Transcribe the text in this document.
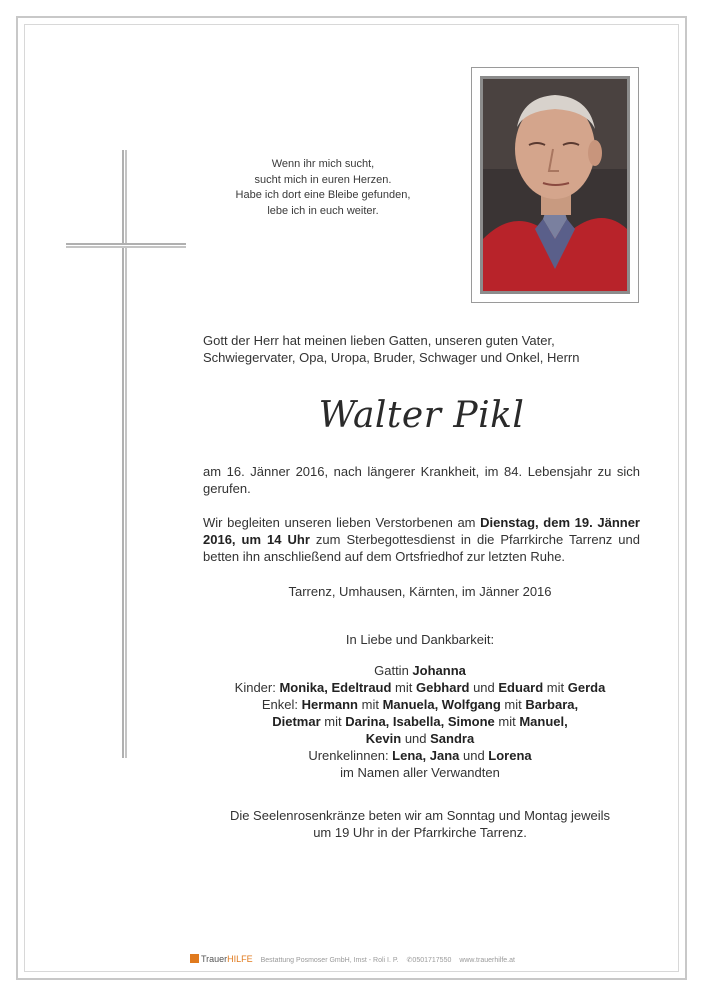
Wenn ihr mich sucht,
sucht mich in euren Herzen.
Habe ich dort eine Bleibe gefunden,
lebe ich in euch weiter.
Gott der Herr hat meinen lieben Gatten, unseren guten Vater, Schwiegervater, Opa, Uropa, Bruder, Schwager und Onkel, Herrn
Walter Pikl
am 16. Jänner 2016, nach längerer Krankheit, im 84. Lebensjahr zu sich gerufen.
Wir begleiten unseren lieben Verstorbenen am Dienstag, dem 19. Jänner 2016, um 14 Uhr zum Sterbegottesdienst in die Pfarrkirche Tarrenz und betten ihn anschließend auf dem Ortsfriedhof zur letzten Ruhe.
Tarrenz, Umhausen, Kärnten, im Jänner 2016
In Liebe und Dankbarkeit:
Gattin Johanna
Kinder: Monika, Edeltraud mit Gebhard und Eduard mit Gerda
Enkel: Hermann mit Manuela, Wolfgang mit Barbara,
Dietmar mit Darina, Isabella, Simone mit Manuel,
Kevin und Sandra
Urenkelinnen: Lena, Jana und Lorena
im Namen aller Verwandten
Die Seelenrosenkränze beten wir am Sonntag und Montag jeweils
um 19 Uhr in der Pfarrkirche Tarrenz.
TrauerHILFE Bestattung Posmoser GmbH, Imst - Roli I. P. ✆0501717550 www.trauerhilfe.at
